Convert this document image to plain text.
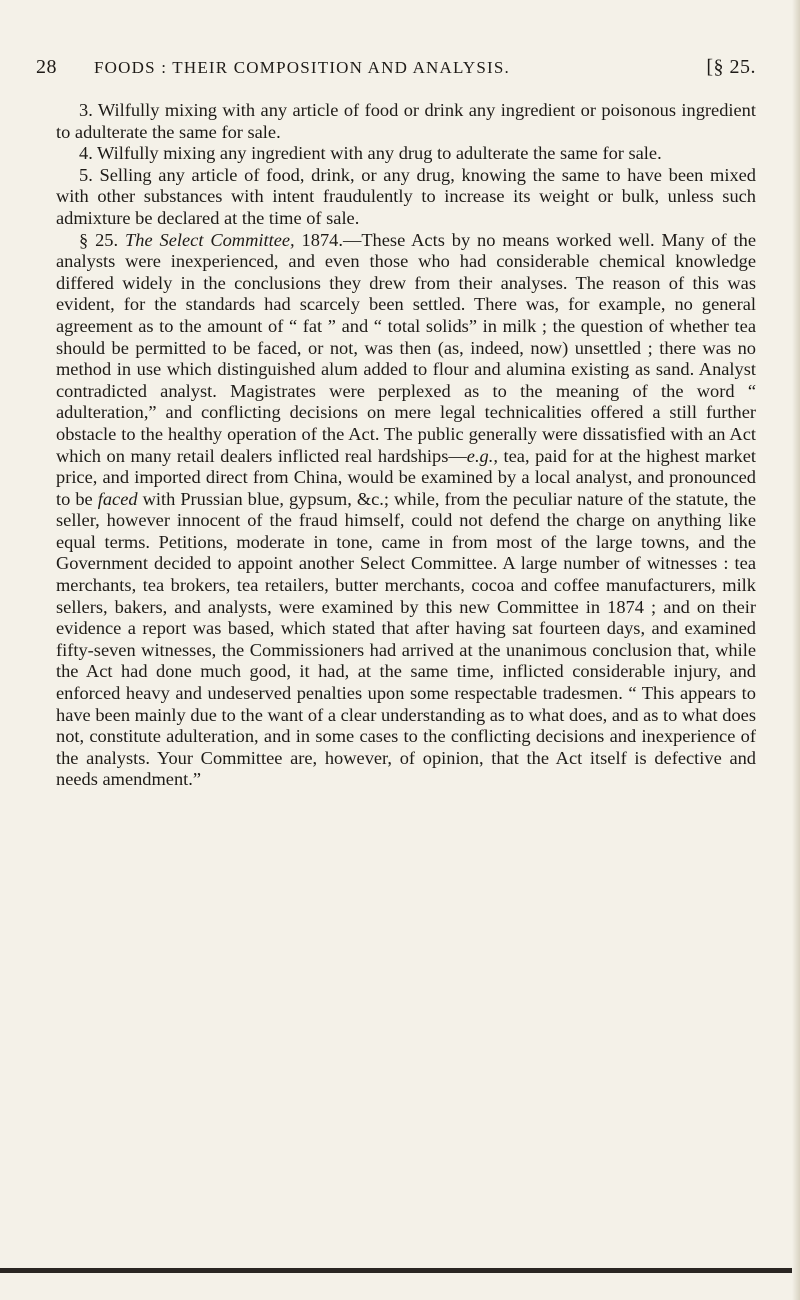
28 FOODS : THEIR COMPOSITION AND ANALYSIS.	[§ 25.

3. Wilfully mixing with any article of food or drink any ingredient or poisonous ingredient to adulterate the same for sale.

4. Wilfully mixing any ingredient with any drug to adulterate the same for sale.

5. Selling any article of food, drink, or any drug, knowing the same to have been mixed with other substances with intent fraudulently to increase its weight or bulk, unless such admixture be declared at the time of sale.

§ 25. The Select Committee, 1874.—These Acts by no means worked well. Many of the analysts were inexperienced, and even those who had considerable chemical knowledge differed widely in the conclusions they drew from their analyses. The reason of this was evident, for the standards had scarcely been settled. There was, for example, no general agreement as to the amount of “ fat ” and “ total solids” in milk ; the question of whether tea should be permitted to be faced, or not, was then (as, indeed, now) unsettled ; there was no method in use which distinguished alum added to flour and alumina existing as sand. Analyst contradicted analyst. Magistrates were perplexed as to the meaning of the word “ adulteration,” and conflicting decisions on mere legal technicalities offered a still further obstacle to the healthy operation of the Act. The public generally were dissatisfied with an Act which on many retail dealers inflicted real hardships—e.g., tea, paid for at the highest market price, and imported direct from China, would be examined by a local analyst, and pronounced to be faced with Prussian blue, gypsum, &c.; while, from the peculiar nature of the statute, the seller, however innocent of the fraud himself, could not defend the charge on anything like equal terms. Petitions, moderate in tone, came in from most of the large towns, and the Government decided to appoint another Select Committee. A large number of witnesses : tea merchants, tea brokers, tea retailers, butter merchants, cocoa and coffee manufacturers, milk sellers, bakers, and analysts, were examined by this new Committee in 1874 ; and on their evidence a report was based, which stated that after having sat fourteen days, and examined fifty-seven witnesses, the Commissioners had arrived at the unanimous conclusion that, while the Act had done much good, it had, at the same time, inflicted considerable injury, and enforced heavy and undeserved penalties upon some respectable tradesmen. “ This appears to have been mainly due to the want of a clear understanding as to what does, and as to what does not, constitute adulteration, and in some cases to the conflicting decisions and inexperience of the analysts. Your Committee are, however, of opinion, that the Act itself is defective and needs amendment.”
